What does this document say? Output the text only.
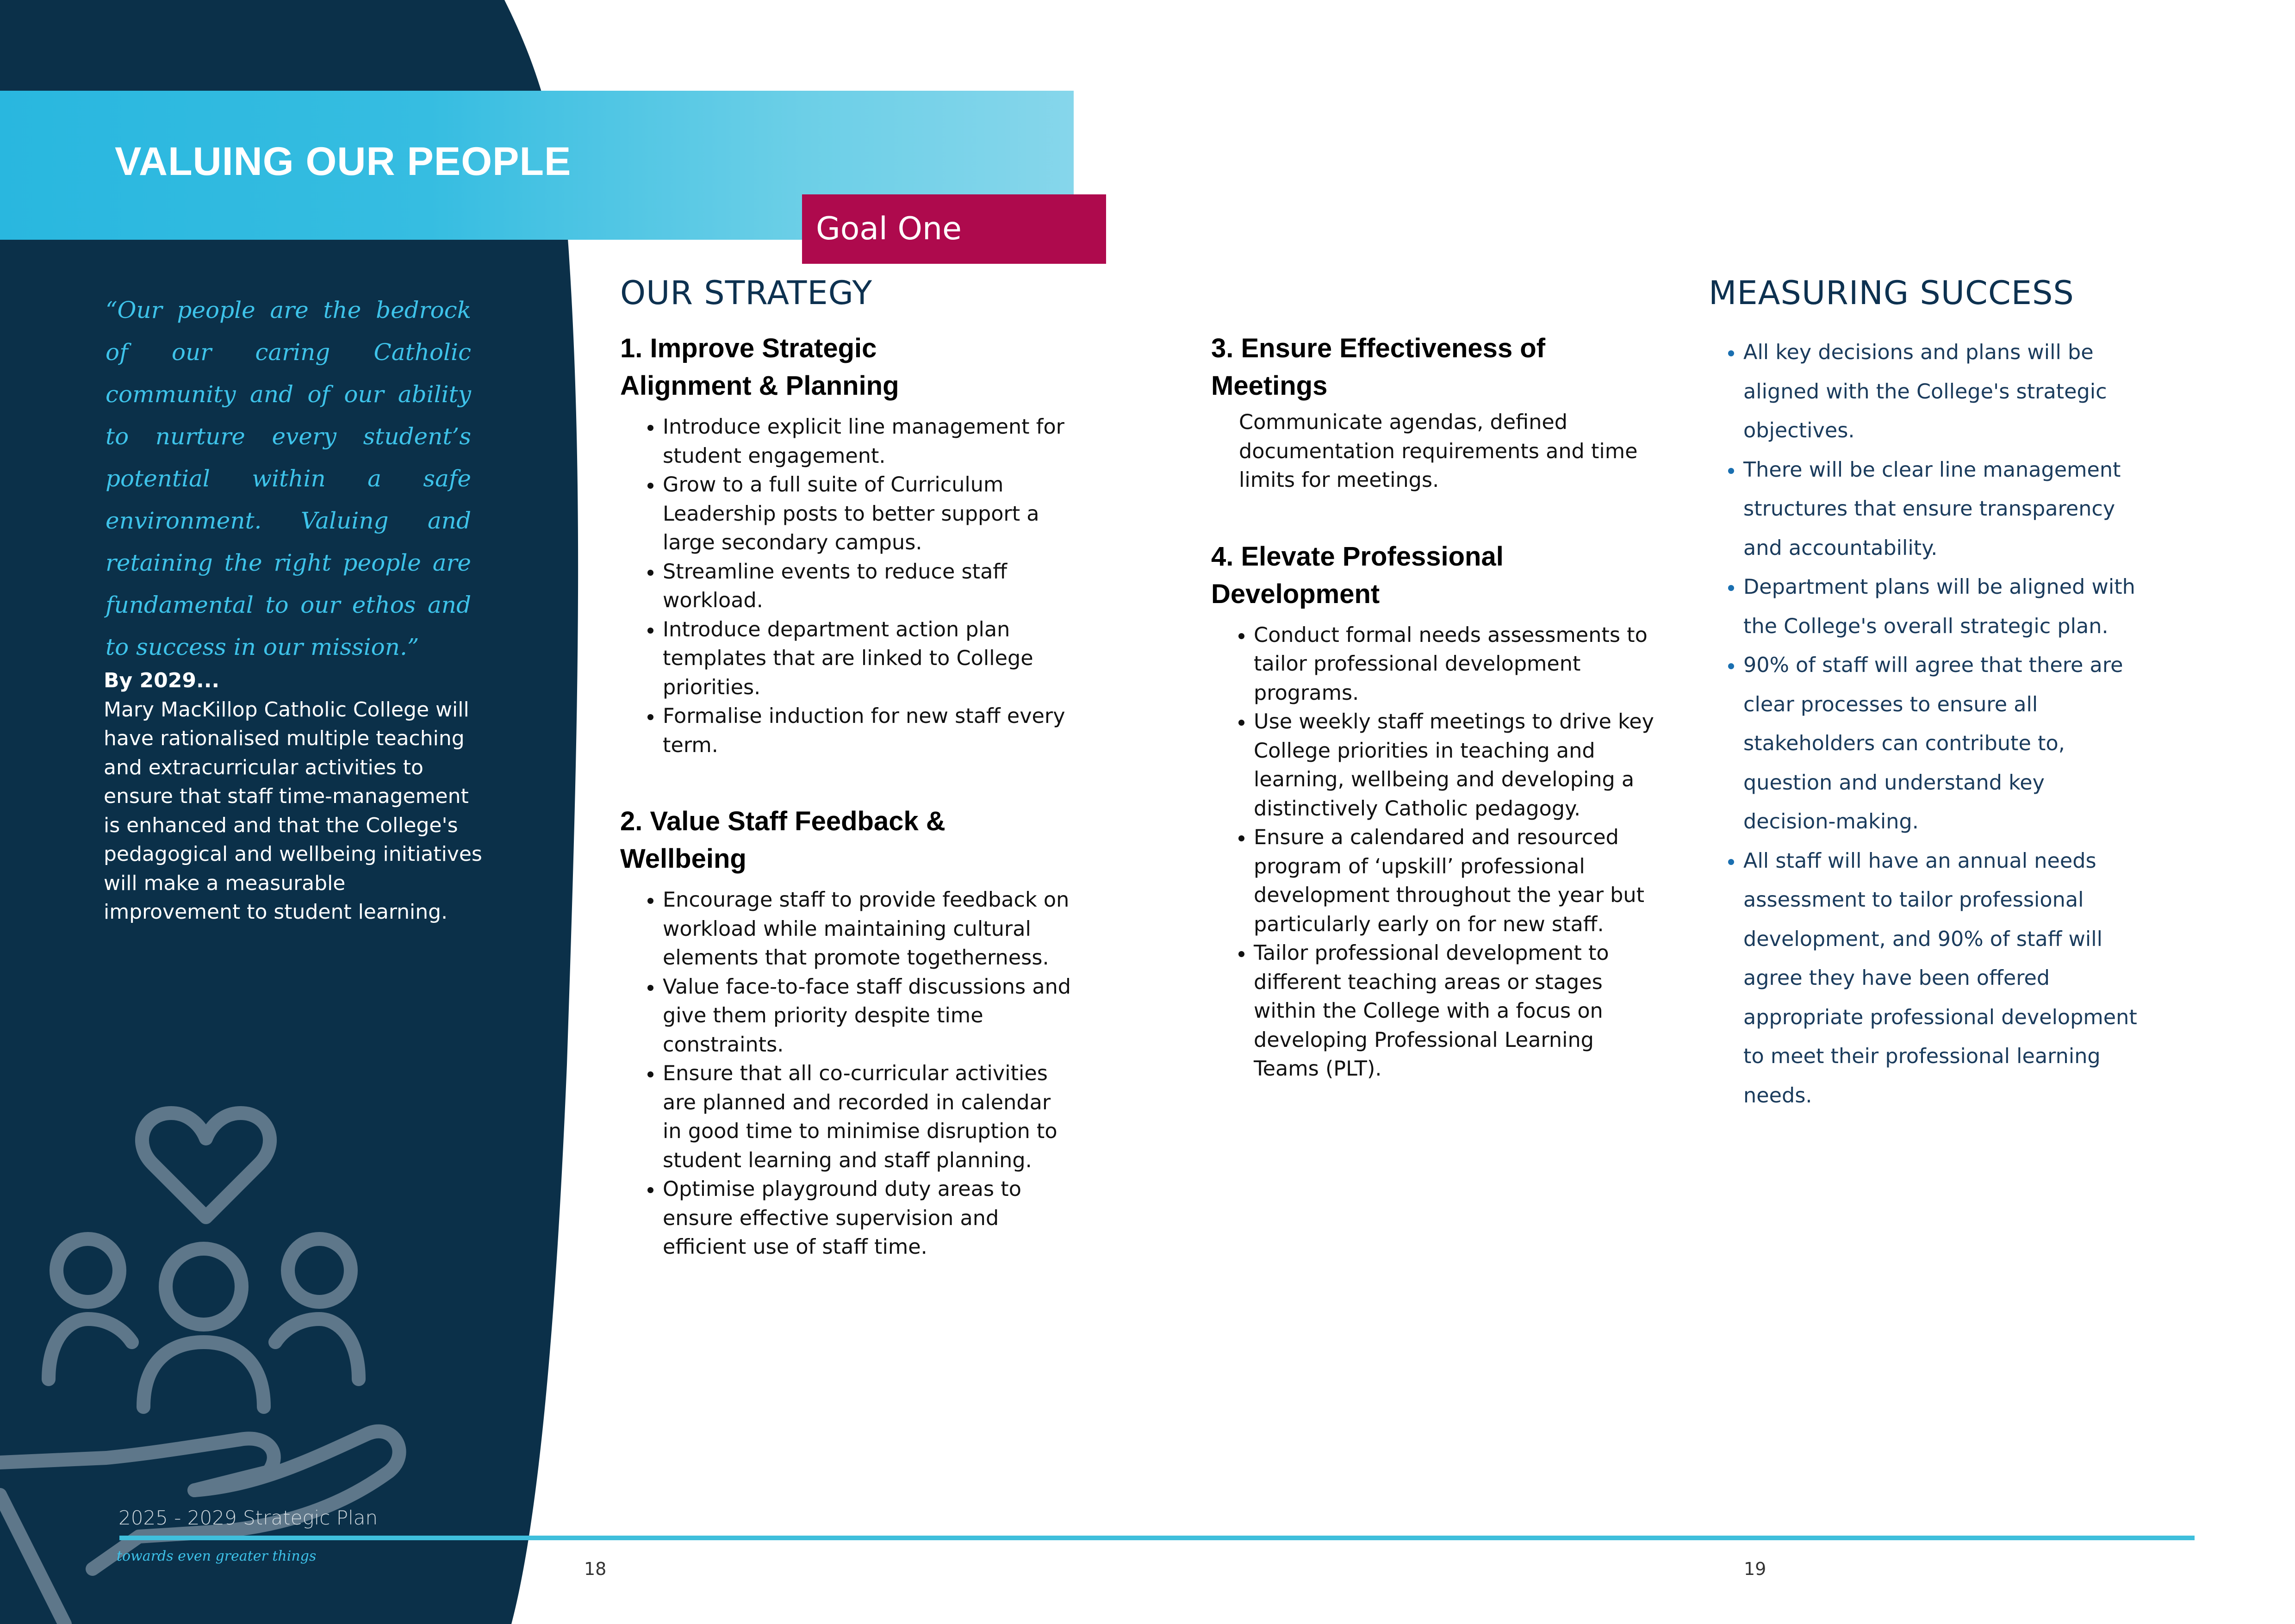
VALUING OUR PEOPLE
Goal One

“Our people are the bedrock of our caring Catholic community and of our ability to nurture every student’s potential within a safe environment. Valuing and retaining the right people are fundamental to our ethos and to success in our mission.”

By 2029...
Mary MacKillop Catholic College will have rationalised multiple teaching and extracurricular activities to ensure that staff time-management is enhanced and that the College's pedagogical and wellbeing initiatives will make a measurable improvement to student learning.
OUR STRATEGY
1. Improve Strategic
Alignment & Planning
• Introduce explicit line management for student engagement.
• Grow to a full suite of Curriculum Leadership posts to better support a large secondary campus.
• Streamline events to reduce staff workload.
• Introduce department action plan templates that are linked to College priorities.
• Formalise induction for new staff every term.
2. Value Staff Feedback &
Wellbeing
• Encourage staff to provide feedback on workload while maintaining cultural elements that promote togetherness.
• Value face-to-face staff discussions and give them priority despite time constraints.
• Ensure that all co-curricular activities are planned and recorded in calendar in good time to minimise disruption to student learning and staff planning.
• Optimise playground duty areas to ensure effective supervision and efficient use of staff time.
3. Ensure Effectiveness of
Meetings

Communicate agendas, defined documentation requirements and time limits for meetings.

4. Elevate Professional
Development
• Conduct formal needs assessments to tailor professional development programs.
• Use weekly staff meetings to drive key College priorities in teaching and learning, wellbeing and developing a distinctively Catholic pedagogy.
• Ensure a calendared and resourced program of ‘upskill’ professional development throughout the year but particularly early on for new staff.
• Tailor professional development to different teaching areas or stages within the College with a focus on developing Professional Learning Teams (PLT).
MEASURING SUCCESS
• All key decisions and plans will be aligned with the College's strategic objectives.
• There will be clear line management structures that ensure transparency and accountability.
• Department plans will be aligned with the College's overall strategic plan.
• 90% of staff will agree that there are clear processes to ensure all stakeholders can contribute to, question and understand key decision-making.
• All staff will have an annual needs assessment to tailor professional development, and 90% of staff will agree they have been offered appropriate professional development to meet their professional learning needs.

2025 - 2029 Strategic Plan

towards even greater things

18	19
